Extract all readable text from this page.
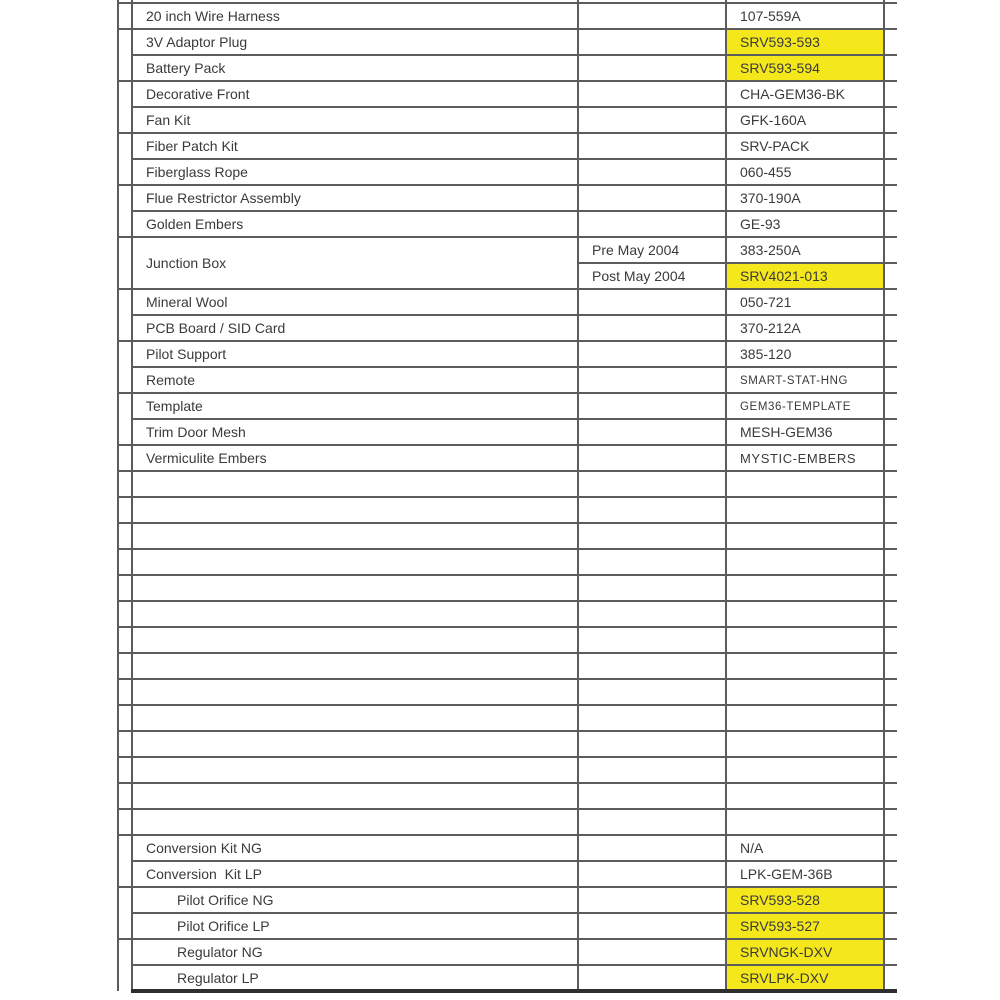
	20 inch Wire Harness		107-559A	
	3V Adaptor Plug		SRV593-593	
	Battery Pack		SRV593-594	
	Decorative Front		CHA-GEM36-BK	
	Fan Kit		GFK-160A	
	Fiber Patch Kit		SRV-PACK	
	Fiberglass Rope		060-455	
	Flue Restrictor Assembly		370-190A	
	Golden Embers		GE-93	
	Junction Box	Pre May 2004	383-250A	
		Post May 2004	SRV4021-013	
	Mineral Wool		050-721	
	PCB Board / SID Card		370-212A	
	Pilot Support		385-120	
	Remote		SMART-STAT-HNG	
	Template		GEM36-TEMPLATE	
	Trim Door Mesh		MESH-GEM36	
	Vermiculite Embers		MYSTIC-EMBERS	

	Conversion Kit NG		N/A	
	Conversion  Kit LP		LPK-GEM-36B	
	Pilot Orifice NG		SRV593-528	
	Pilot Orifice LP		SRV593-527	
	Regulator NG		SRVNGK-DXV	
	Regulator LP		SRVLPK-DXV	
